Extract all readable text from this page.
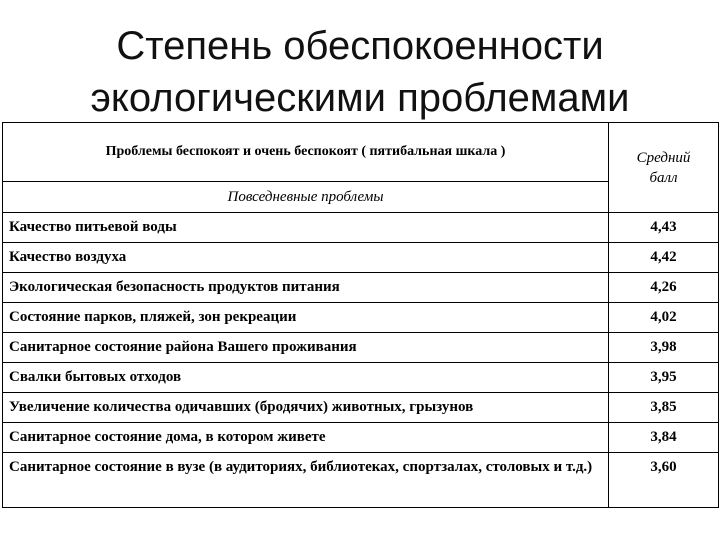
Степень обеспокоенности
экологическими проблемами
Проблемы беспокоят и очень беспокоят ( пятибальная шкала )	Средний
балл
Повседневные проблемы	
Качество питьевой воды	4,43
Качество воздуха	4,42
Экологическая безопасность продуктов питания	4,26
Состояние парков, пляжей, зон рекреации	4,02
Санитарное состояние района Вашего проживания	3,98
Свалки бытовых отходов	3,95
Увеличение количества одичавших (бродячих) животных, грызунов	3,85
Санитарное состояние дома, в котором живете	3,84
Санитарное состояние в вузе (в аудиториях, библиотеках, спортзалах, столовых и т.д.)	3,60
